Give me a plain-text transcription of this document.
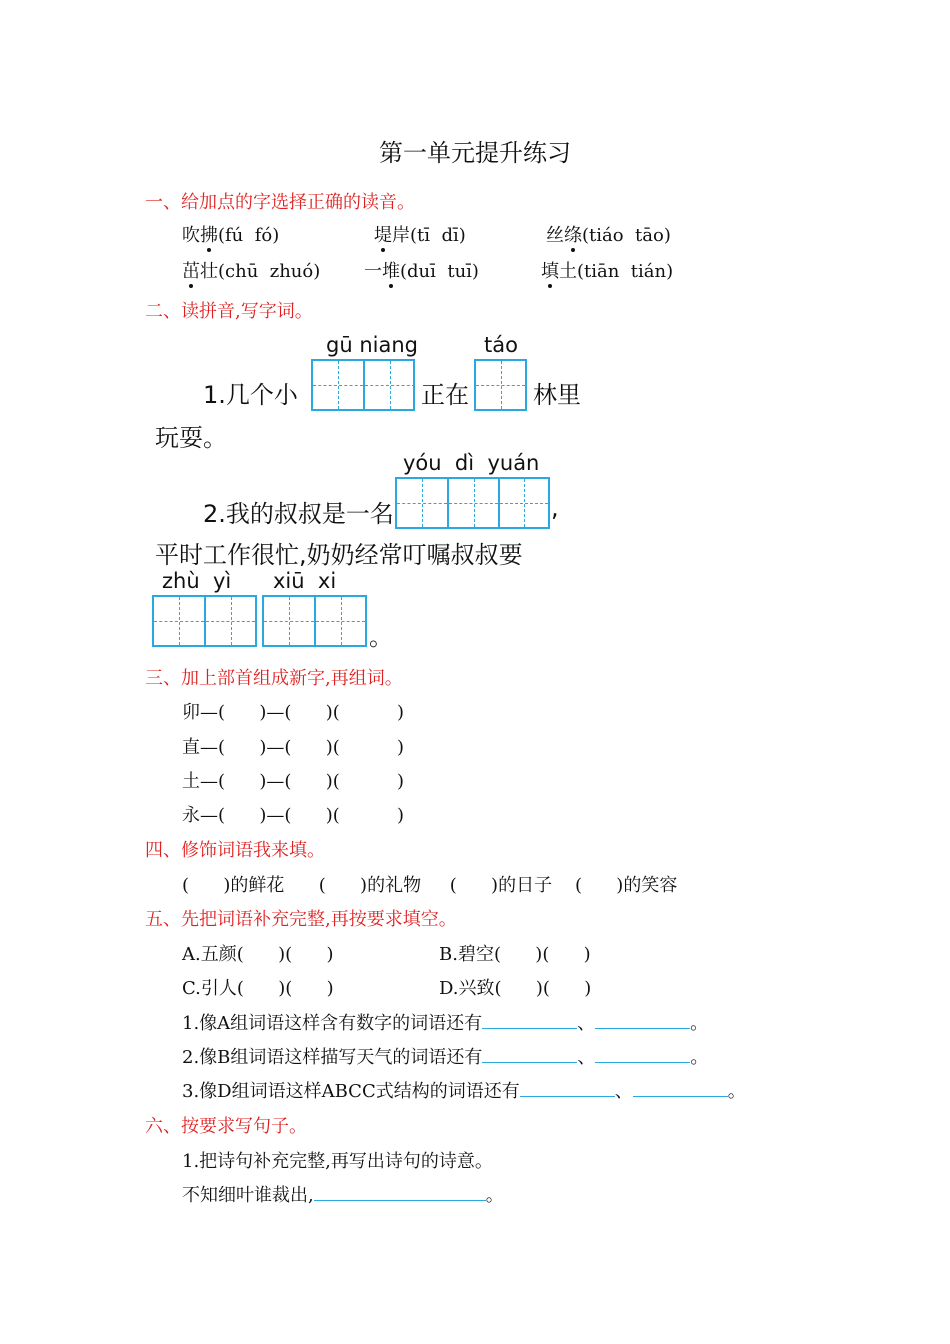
第一单元提升练习
一、给加点的字选择正确的读音。
吹拂(fú  fó)	堤岸(tī  dī)	丝绦(tiáo  tāo)
茁壮(chū  zhuó) 一堆(duī  tuī)	填土(tiān  tián)
二、读拼音,写字词。
gū niang	táo
1.几个小	正在	林里
玩耍。
yóu  dì  yuán
2.我的叔叔是一名	,
平时工作很忙,奶奶经常叮嘱叔叔要
zhù  yì xiū  xi
。
三、加上部首组成新字,再组词。
卯—(      )—(      )(          )
直—(      )—(      )(          )
土—(      )—(      )(          )
永—(      )—(      )(          )
四、修饰词语我来填。
(      )的鲜花      (      )的礼物     (      )的日子    (      )的笑容
五、先把词语补充完整,再按要求填空。
A.五颜(      )(      )	B.碧空(      )(      )
C.引人(      )(      )	D.兴致(      )(      )
1.像A组词语这样含有数字的词语还有	、	。
2.像B组词语这样描写天气的词语还有	、	。
3.像D组词语这样ABCC式结构的词语还有	、	。
六、按要求写句子。
1.把诗句补充完整,再写出诗句的诗意。
不知细叶谁裁出,	。
